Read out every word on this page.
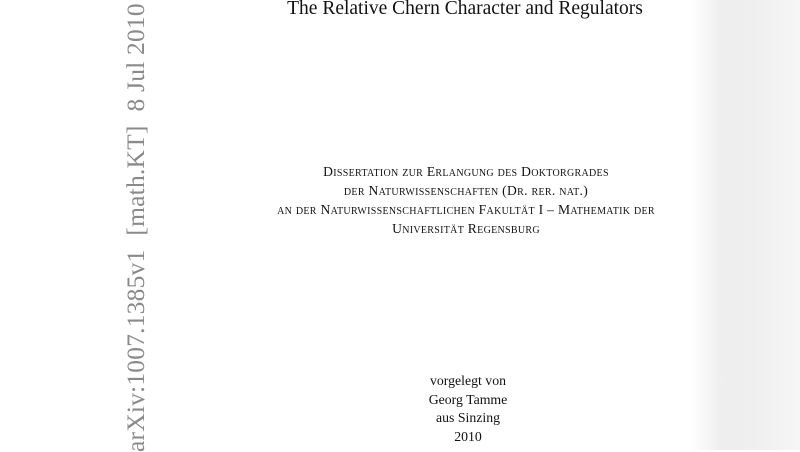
arXiv:1007.1385v1[math.KT]8 Jul 2010	The Relative Chern Character and Regulators
Dissertation zur Erlangung des Doktorgrades
der Naturwissenschaften (Dr. rer. nat.)
an der Naturwissenschaftlichen Fakultät I – Mathematik der
Universität Regensburg
vorgelegt von
Georg Tamme
aus Sinzing
2010
